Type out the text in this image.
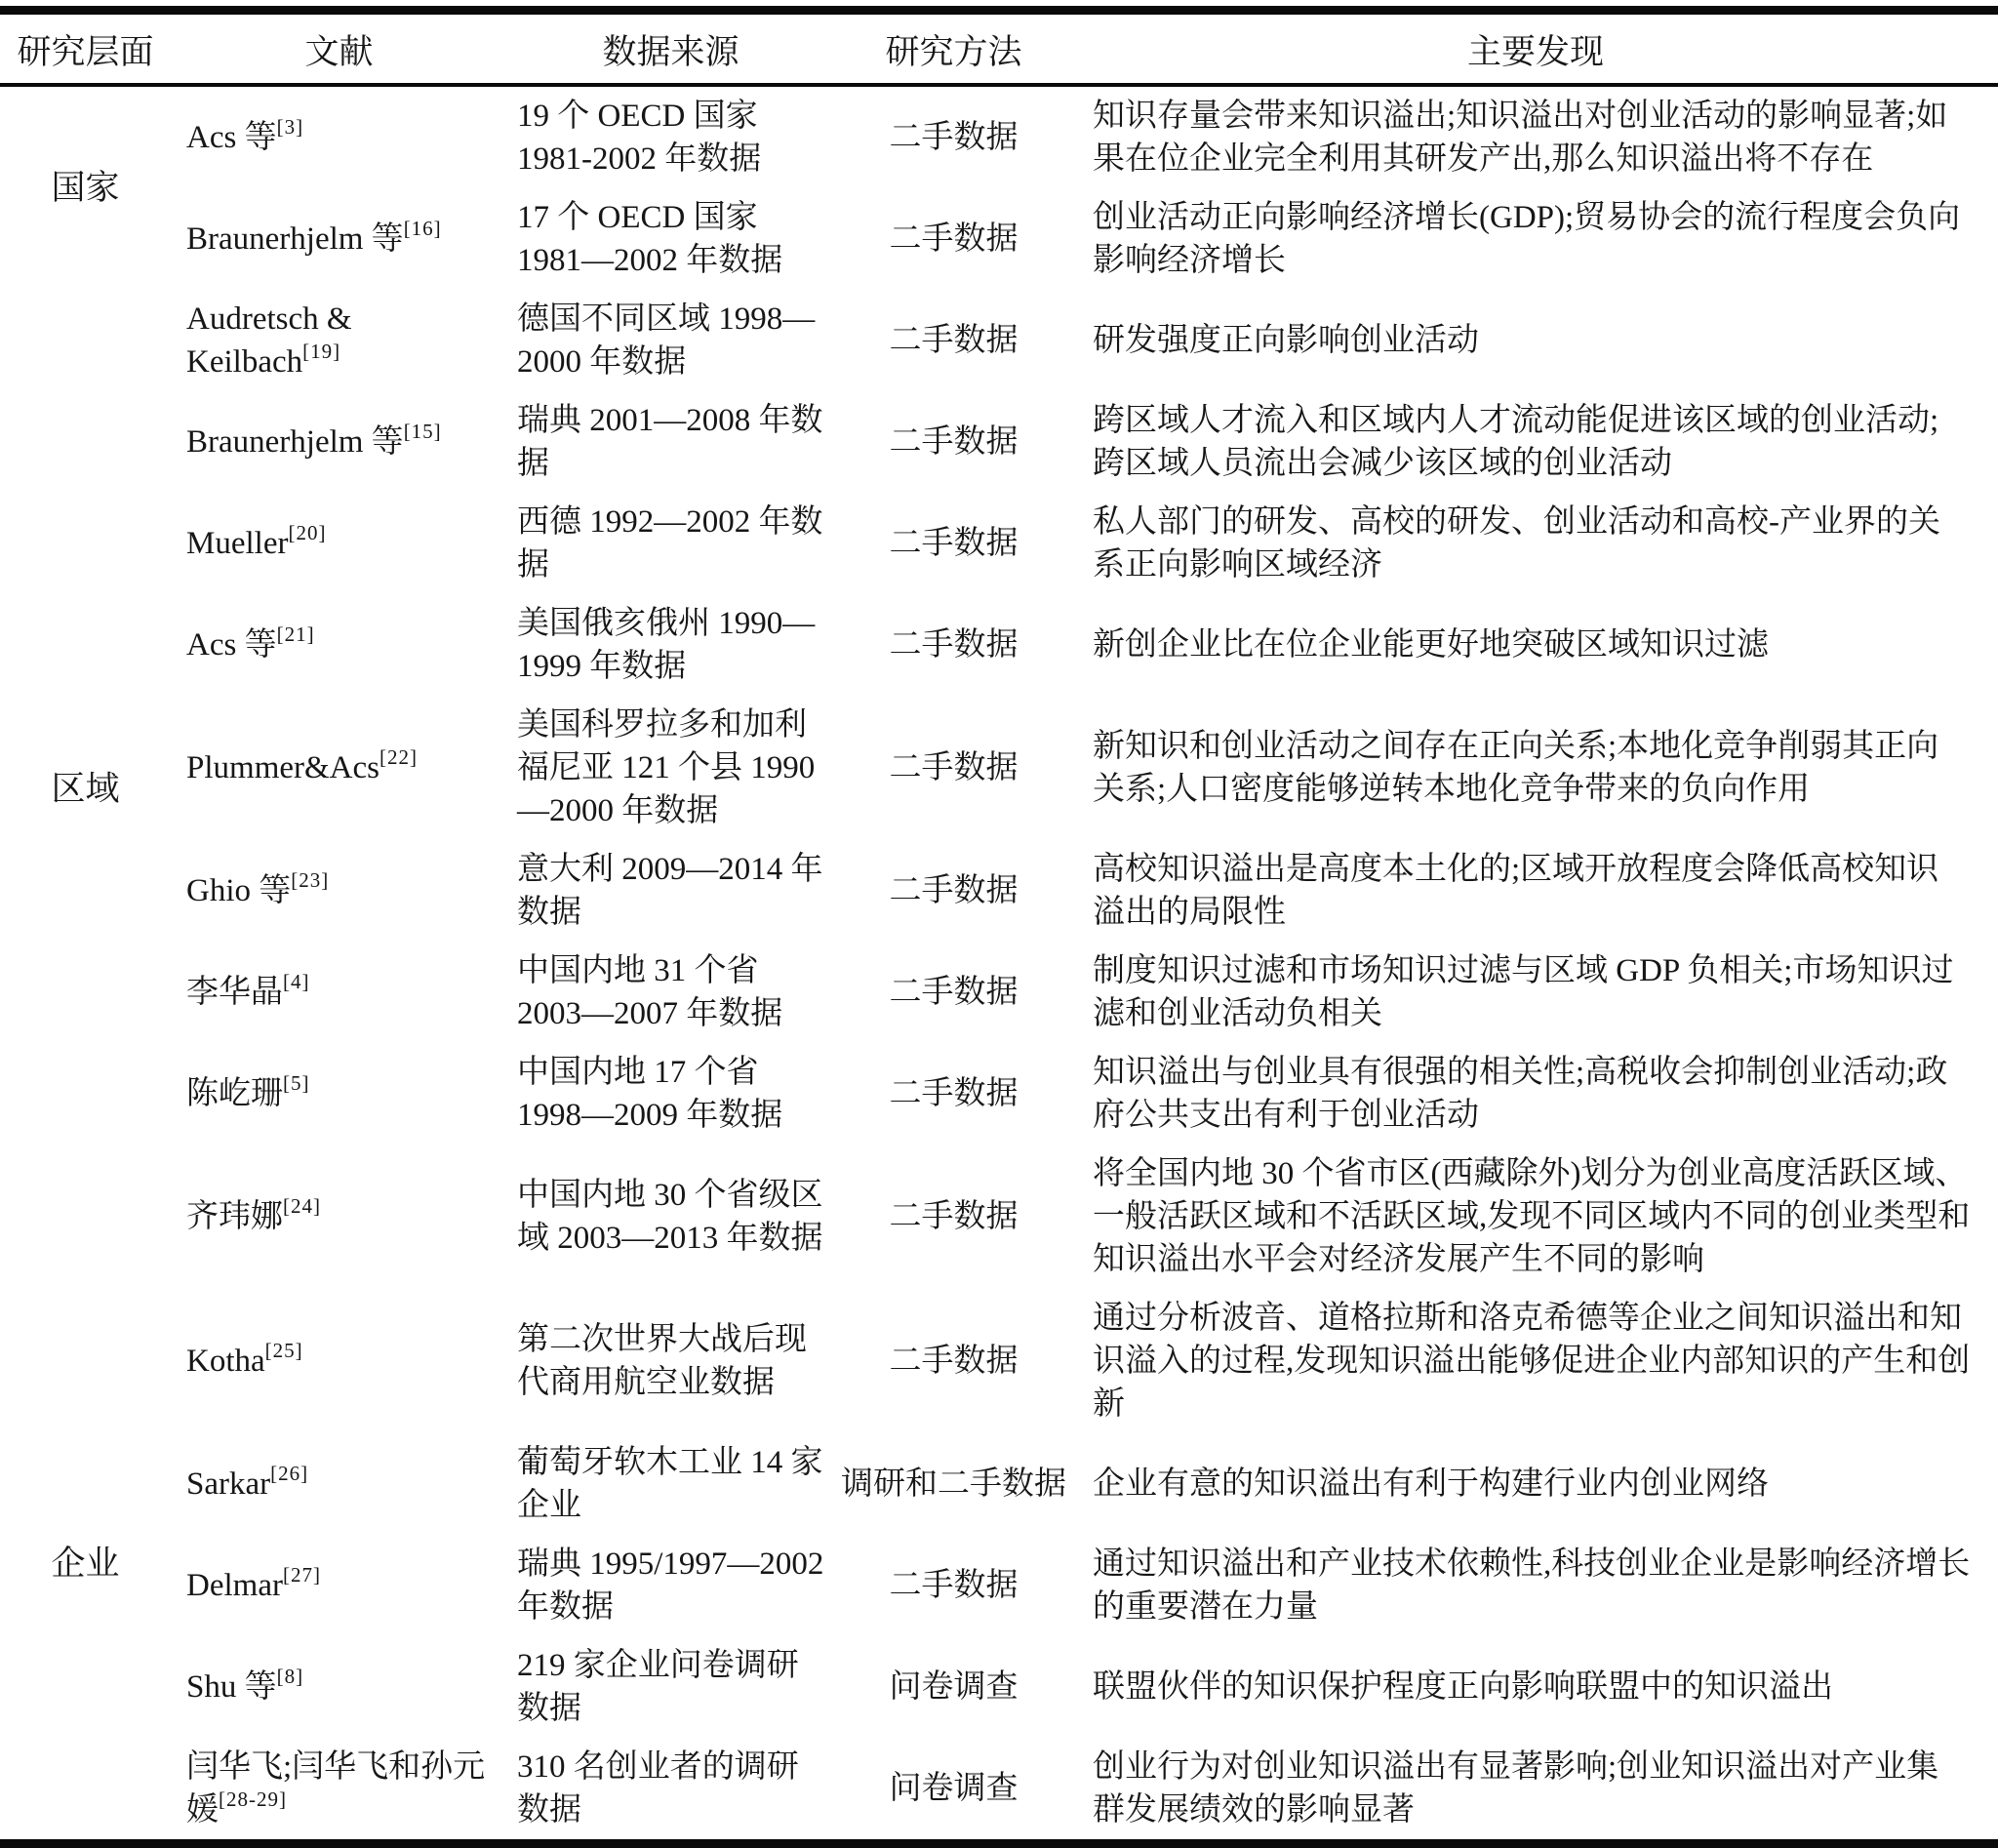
研究层面	文献	数据来源	研究方法	主要发现
国家	Acs 等[3]	19 个 OECD 国家 1981-2002 年数据	二手数据	知识存量会带来知识溢出;知识溢出对创业活动的影响显著;如果在位企业完全利用其研发产出,那么知识溢出将不存在
	Braunerhjelm 等[16]	17 个 OECD 国家 1981—2002 年数据	二手数据	创业活动正向影响经济增长(GDP);贸易协会的流行程度会负向影响经济增长
区域	Audretsch & Keilbach[19]	德国不同区域 1998—2000 年数据	二手数据	研发强度正向影响创业活动
	Braunerhjelm 等[15]	瑞典 2001—2008 年数据	二手数据	跨区域人才流入和区域内人才流动能促进该区域的创业活动;跨区域人员流出会减少该区域的创业活动
	Mueller[20]	西德 1992—2002 年数据	二手数据	私人部门的研发、高校的研发、创业活动和高校-产业界的关系正向影响区域经济
	Acs 等[21]	美国俄亥俄州 1990—1999 年数据	二手数据	新创企业比在位企业能更好地突破区域知识过滤
	Plummer&Acs[22]	美国科罗拉多和加利福尼亚 121 个县 1990—2000 年数据	二手数据	新知识和创业活动之间存在正向关系;本地化竞争削弱其正向关系;人口密度能够逆转本地化竞争带来的负向作用
	Ghio 等[23]	意大利 2009—2014 年数据	二手数据	高校知识溢出是高度本土化的;区域开放程度会降低高校知识溢出的局限性
	李华晶[4]	中国内地 31 个省 2003—2007 年数据	二手数据	制度知识过滤和市场知识过滤与区域 GDP 负相关;市场知识过滤和创业活动负相关
	陈屹珊[5]	中国内地 17 个省 1998—2009 年数据	二手数据	知识溢出与创业具有很强的相关性;高税收会抑制创业活动;政府公共支出有利于创业活动
	齐玮娜[24]	中国内地 30 个省级区域 2003—2013 年数据	二手数据	将全国内地 30 个省市区(西藏除外)划分为创业高度活跃区域、一般活跃区域和不活跃区域,发现不同区域内不同的创业类型和知识溢出水平会对经济发展产生不同的影响
企业	Kotha[25]	第二次世界大战后现代商用航空业数据	二手数据	通过分析波音、道格拉斯和洛克希德等企业之间知识溢出和知识溢入的过程,发现知识溢出能够促进企业内部知识的产生和创新
	Sarkar[26]	葡萄牙软木工业 14 家企业	调研和二手数据	企业有意的知识溢出有利于构建行业内创业网络
	Delmar[27]	瑞典 1995/1997—2002 年数据	二手数据	通过知识溢出和产业技术依赖性,科技创业企业是影响经济增长的重要潜在力量
	Shu 等[8]	219 家企业问卷调研数据	问卷调查	联盟伙伴的知识保护程度正向影响联盟中的知识溢出
	闫华飞;闫华飞和孙元媛[28-29]	310 名创业者的调研数据	问卷调查	创业行为对创业知识溢出有显著影响;创业知识溢出对产业集群发展绩效的影响显著
